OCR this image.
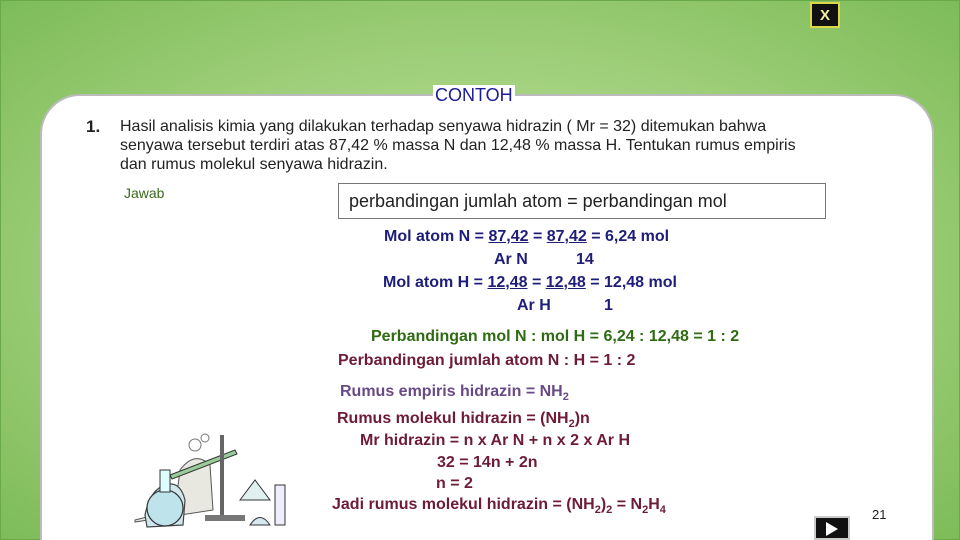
X
CONTOH
1. Hasil analisis kimia yang dilakukan terhadap senyawa hidrazin ( Mr = 32) ditemukan bahwa senyawa tersebut terdiri atas 87,42 % massa N dan 12,48 % massa H. Tentukan rumus empiris dan rumus molekul senyawa hidrazin.
Jawab	perbandingan jumlah atom = perbandingan mol
Mol atom N = 87,42 = 87,42 = 6,24 mol
Ar N	14
Mol atom H = 12,48 = 12,48 = 12,48 mol
Ar H	1
Perbandingan mol N : mol H = 6,24 : 12,48 = 1 : 2
Perbandingan jumlah atom N : H = 1 : 2
Rumus empiris hidrazin = $NH_2$
Rumus molekul hidrazin = $(NH_2)n$
Mr hidrazin = n x Ar N + n x 2 x Ar H
32 = 14n + 2n
n = 2
Jadi rumus molekul hidrazin = $(NH_2)_2 = N_2H_4$	21
